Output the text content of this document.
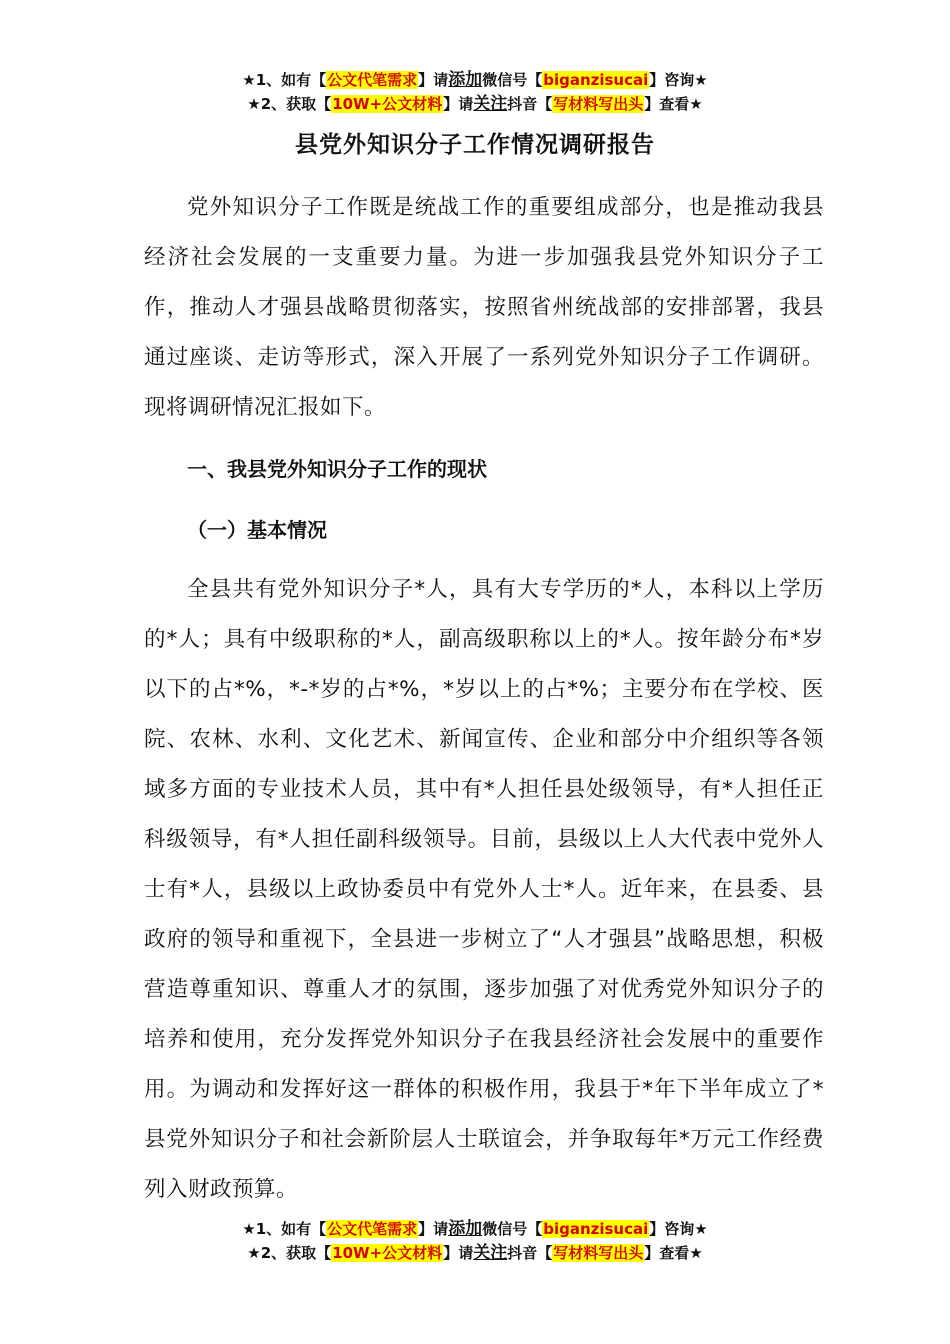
★1、如有【公文代笔需求】请添加微信号【biganzisucai】咨询★
★2、获取【10W+公文材料】请关注抖音【写材料写出头】查看★
县党外知识分子工作情况调研报告

党外知识分子工作既是统战工作的重要组成部分，也是推动我县经济社会发展的一支重要力量。为进一步加强我县党外知识分子工作，推动人才强县战略贯彻落实，按照省州统战部的安排部署，我县通过座谈、走访等形式，深入开展了一系列党外知识分子工作调研。现将调研情况汇报如下。

一、我县党外知识分子工作的现状

（一）基本情况

全县共有党外知识分子*人，具有大专学历的*人，本科以上学历的*人；具有中级职称的*人，副高级职称以上的*人。按年龄分布*岁以下的占*%，*-*岁的占*%，*岁以上的占*%；主要分布在学校、医院、农林、水利、文化艺术、新闻宣传、企业和部分中介组织等各领域多方面的专业技术人员，其中有*人担任县处级领导，有*人担任正科级领导，有*人担任副科级领导。目前，县级以上人大代表中党外人士有*人，县级以上政协委员中有党外人士*人。近年来，在县委、县政府的领导和重视下，全县进一步树立了“人才强县”战略思想，积极营造尊重知识、尊重人才的氛围，逐步加强了对优秀党外知识分子的培养和使用，充分发挥党外知识分子在我县经济社会发展中的重要作用。为调动和发挥好这一群体的积极作用，我县于*年下半年成立了*县党外知识分子和社会新阶层人士联谊会，并争取每年*万元工作经费列入财政预算。

★1、如有【公文代笔需求】请添加微信号【biganzisucai】咨询★
★2、获取【10W+公文材料】请关注抖音【写材料写出头】查看★
